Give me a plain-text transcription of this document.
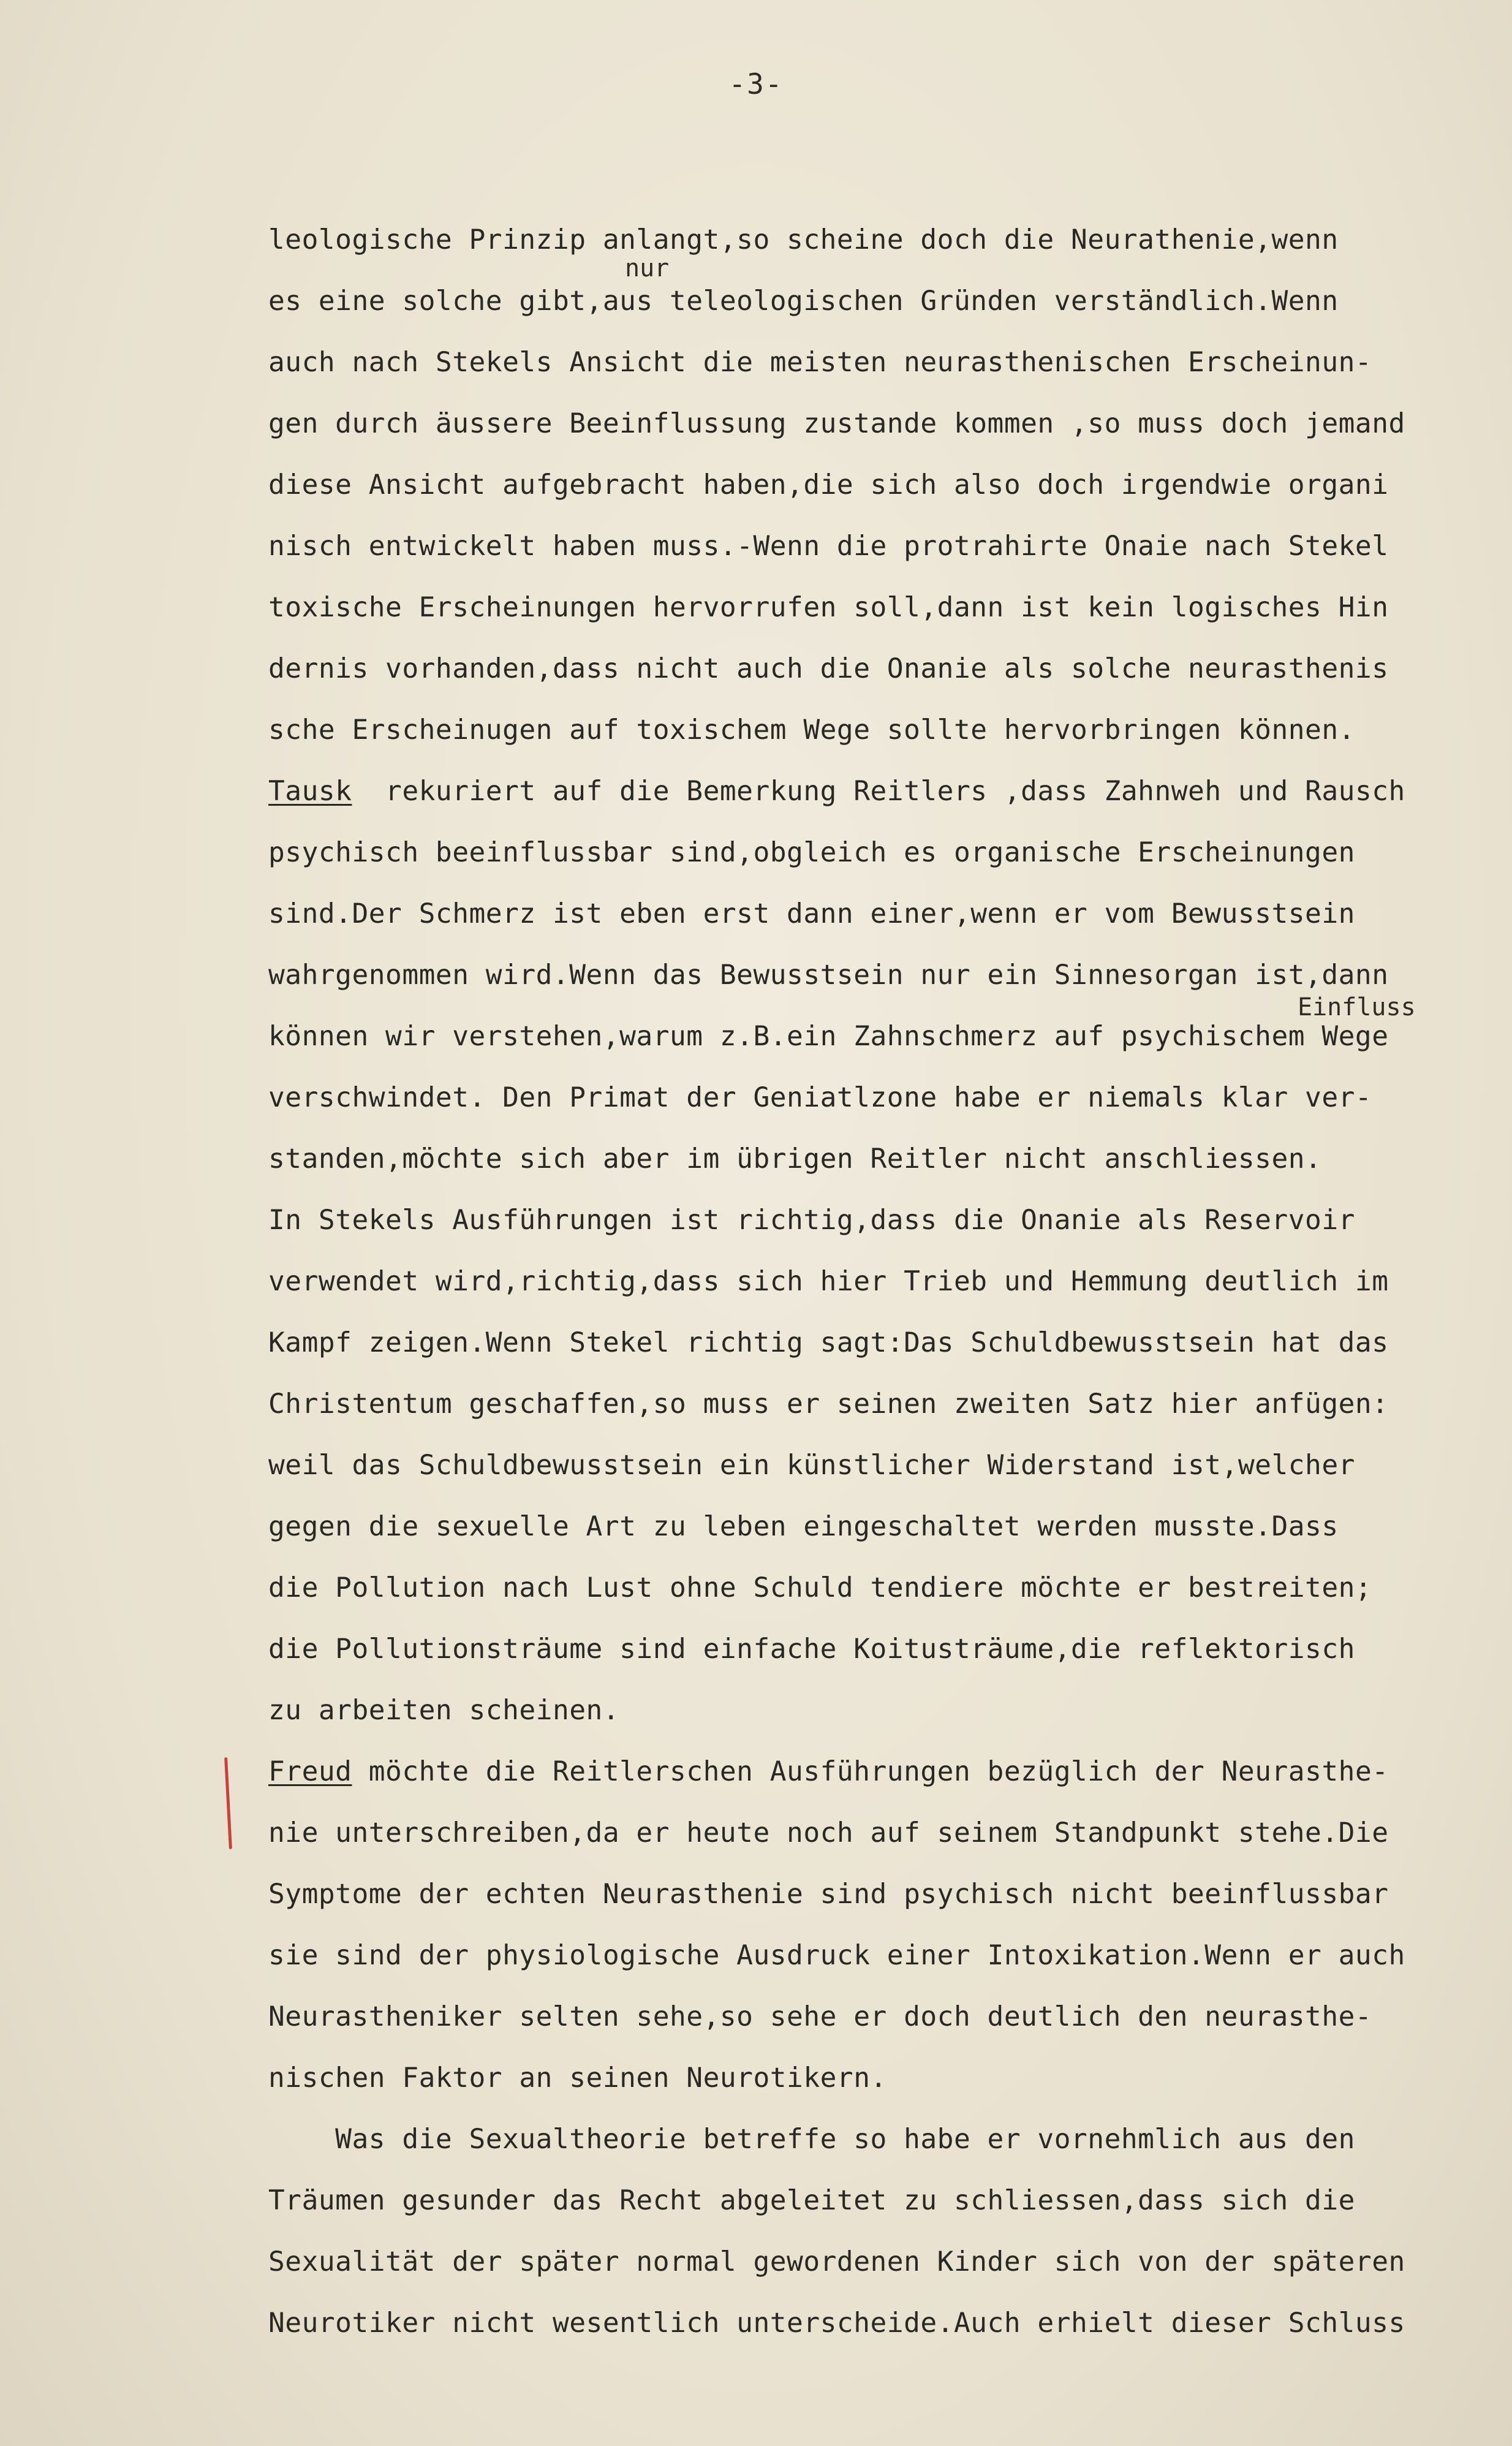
-3-
nur
Einfluss
leologische Prinzip anlangt,so scheine doch die Neurathenie,wenn
es eine solche gibt,aus teleologischen Gründen verständlich.Wenn
auch nach Stekels Ansicht die meisten neurasthenischen Erscheinun-
gen durch äussere Beeinflussung zustande kommen ,so muss doch jemand
diese Ansicht aufgebracht haben,die sich also doch irgendwie organi
nisch entwickelt haben muss.-Wenn die protrahirte Onaie nach Stekel
toxische Erscheinungen hervorrufen soll,dann ist kein logisches Hin
dernis vorhanden,dass nicht auch die Onanie als solche neurasthenis
sche Erscheinugen auf toxischem Wege sollte hervorbringen können.
Tausk  rekuriert auf die Bemerkung Reitlers ,dass Zahnweh und Rausch
psychisch beeinflussbar sind,obgleich es organische Erscheinungen
sind.Der Schmerz ist eben erst dann einer,wenn er vom Bewusstsein
wahrgenommen wird.Wenn das Bewusstsein nur ein Sinnesorgan ist,dann
können wir verstehen,warum z.B.ein Zahnschmerz auf psychischem Wege
verschwindet. Den Primat der Geniatlzone habe er niemals klar ver-
standen,möchte sich aber im übrigen Reitler nicht anschliessen.
In Stekels Ausführungen ist richtig,dass die Onanie als Reservoir
verwendet wird,richtig,dass sich hier Trieb und Hemmung deutlich im
Kampf zeigen.Wenn Stekel richtig sagt:Das Schuldbewusstsein hat das
Christentum geschaffen,so muss er seinen zweiten Satz hier anfügen:
weil das Schuldbewusstsein ein künstlicher Widerstand ist,welcher
gegen die sexuelle Art zu leben eingeschaltet werden musste.Dass
die Pollution nach Lust ohne Schuld tendiere möchte er bestreiten;
die Pollutionsträume sind einfache Koitusträume,die reflektorisch
zu arbeiten scheinen.
Freud möchte die Reitlerschen Ausführungen bezüglich der Neurasthe-
nie unterschreiben,da er heute noch auf seinem Standpunkt stehe.Die
Symptome der echten Neurasthenie sind psychisch nicht beeinflussbar
sie sind der physiologische Ausdruck einer Intoxikation.Wenn er auch
Neurastheniker selten sehe,so sehe er doch deutlich den neurasthe-
nischen Faktor an seinen Neurotikern.
Was die Sexualtheorie betreffe so habe er vornehmlich aus den
Träumen gesunder das Recht abgeleitet zu schliessen,dass sich die
Sexualität der später normal gewordenen Kinder sich von der späteren
Neurotiker nicht wesentlich unterscheide.Auch erhielt dieser Schluss
